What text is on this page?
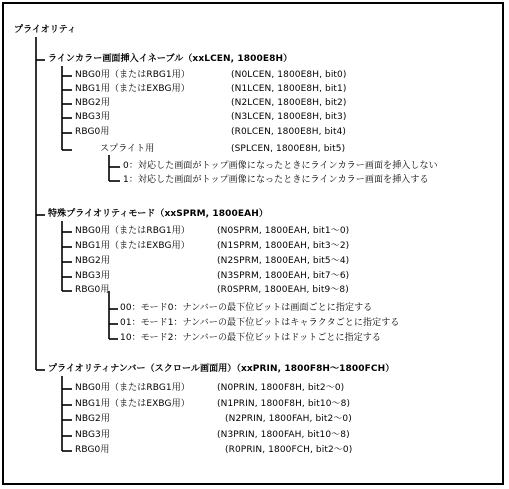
プライオリティ
ラインカラー画面挿入イネーブル（xxLCEN, 1800E8H）
NBG0用（またはRBG1用）	(N0LCEN, 1800E8H, bit0)
NBG1用（またはEXBG用）	(N1LCEN, 1800E8H, bit1)
NBG2用	(N2LCEN, 1800E8H, bit2)
NBG3用	(N3LCEN, 1800E8H, bit3)
RBG0用	(R0LCEN, 1800E8H, bit4)
スプライト用	(SPLCEN, 1800E8H, bit5)
0：対応した画面がトップ画像になったときにラインカラー画面を挿入しない
1：対応した画面がトップ画像になったときにラインカラー画面を挿入する
特殊プライオリティモード（xxSPRM, 1800EAH）
NBG0用（またはRBG1用）	(N0SPRM, 1800EAH, bit1～0)
NBG1用（またはEXBG用）	(N1SPRM, 1800EAH, bit3～2)
NBG2用	(N2SPRM, 1800EAH, bit5～4)
NBG3用	(N3SPRM, 1800EAH, bit7～6)
RBG0用	(R0SPRM, 1800EAH, bit9～8)
00：モード0：ナンバーの最下位ビットは画面ごとに指定する
01：モード1：ナンバーの最下位ビットはキャラクタごとに指定する
10：モード2：ナンバーの最下位ビットはドットごとに指定する
プライオリティナンバー（スクロール画面用）（xxPRIN, 1800F8H～1800FCH）
NBG0用（またはRBG1用）	(N0PRIN, 1800F8H, bit2～0)
NBG1用（またはEXBG用）	(N1PRIN, 1800F8H, bit10～8)
NBG2用	(N2PRIN, 1800FAH, bit2～0)
NBG3用	(N3PRIN, 1800FAH, bit10～8)
RBG0用	(R0PRIN, 1800FCH, bit2～0)
